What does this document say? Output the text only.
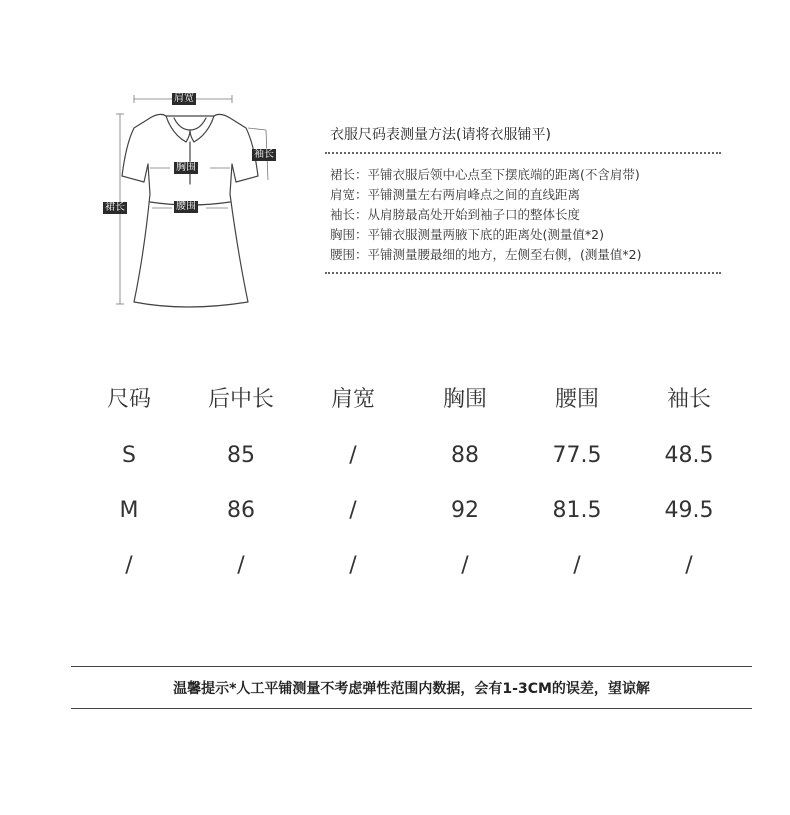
肩宽
袖长
胸围
裙长	腰围
衣服尺码表测量方法(请将衣服铺平)
裙长：平铺衣服后领中心点至下摆底端的距离(不含肩带)
肩宽：平铺测量左右两肩峰点之间的直线距离
袖长：从肩膀最高处开始到袖子口的整体长度
胸围：平铺衣服测量两腋下底的距离处(测量值*2)
腰围：平铺测量腰最细的地方，左侧至右侧，(测量值*2)
尺码	后中长	肩宽	胸围	腰围	袖长
S	85	/	88	77.5	48.5
M	86	/	92	81.5	49.5
/	/	/	/	/	/
温馨提示*人工平铺测量不考虑弹性范围内数据，会有1-3CM的误差，望谅解
